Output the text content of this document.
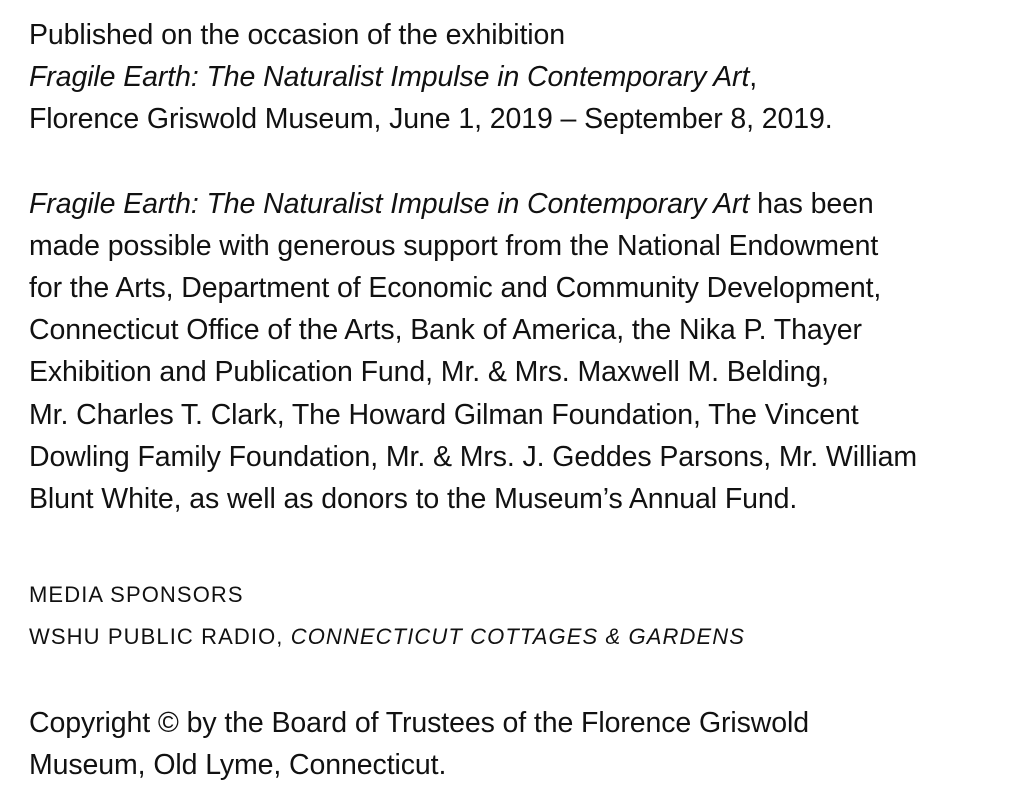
Published on the occasion of the exhibition
Fragile Earth: The Naturalist Impulse in Contemporary Art,
Florence Griswold Museum, June 1, 2019 – September 8, 2019.

Fragile Earth: The Naturalist Impulse in Contemporary Art has been
made possible with generous support from the National Endowment
for the Arts, Department of Economic and Community Development,
Connecticut Office of the Arts, Bank of America, the Nika P. Thayer
Exhibition and Publication Fund, Mr. & Mrs. Maxwell M. Belding,
Mr. Charles T. Clark, The Howard Gilman Foundation, The Vincent
Dowling Family Foundation, Mr. & Mrs. J. Geddes Parsons, Mr. William
Blunt White, as well as donors to the Museum’s Annual Fund.

MEDIA SPONSORS

WSHU PUBLIC RADIO, CONNECTICUT COTTAGES & GARDENS

Copyright © by the Board of Trustees of the Florence Griswold
Museum, Old Lyme, Connecticut.
